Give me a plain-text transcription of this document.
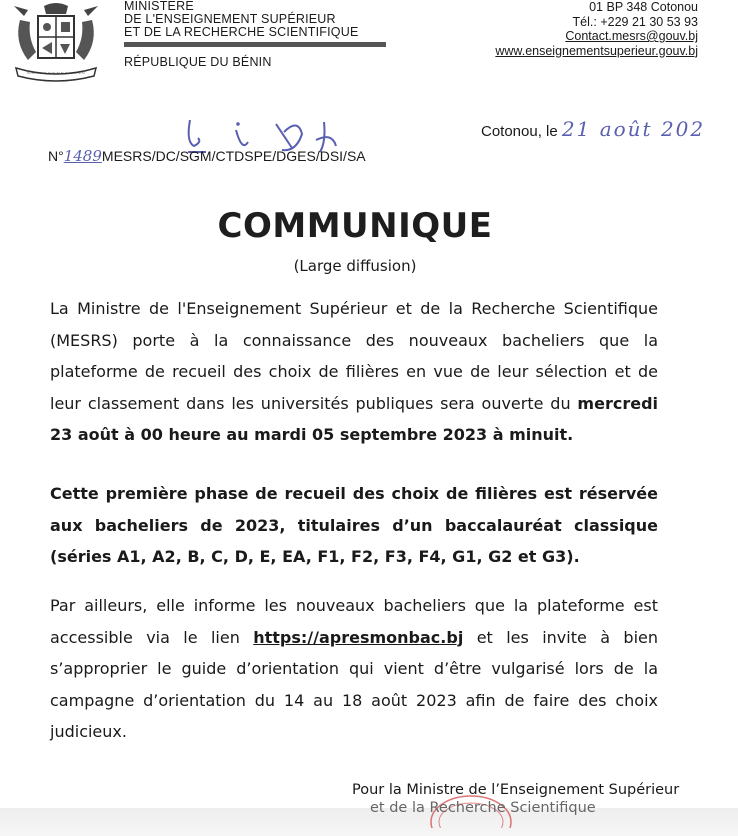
~~~~~~~~~~~~~~
MINISTERE
DE L'ENSEIGNEMENT SUPÉRIEUR
ET DE LA RECHERCHE SCIENTIFIQUE
RÉPUBLIQUE DU BÉNIN
01 BP 348 Cotonou
Tél.: +229 21 30 53 93
Contact.mesrs@gouv.bj
www.enseignementsuperieur.gouv.bj
Cotonou, le 21 août 202
N°1489MESRS/DC/SGM/CTDSPE/DGES/DSI/SA
COMMUNIQUE
(Large diffusion)
La Ministre de l'Enseignement Supérieur et de la Recherche Scientifique (MESRS) porte à la connaissance des nouveaux bacheliers que la plateforme de recueil des choix de filières en vue de leur sélection et de leur classement dans les universités publiques sera ouverte du mercredi 23 août à 00 heure au mardi 05 septembre 2023 à minuit.
Cette première phase de recueil des choix de filières est réservée aux bacheliers de 2023, titulaires d’un baccalauréat classique (séries A1, A2, B, C, D, E, EA, F1, F2, F3, F4, G1, G2 et G3).
Par ailleurs, elle informe les nouveaux bacheliers que la plateforme est accessible via le lien https://apresmonbac.bj et les invite à bien s’approprier le guide d’orientation qui vient d’être vulgarisé lors de la campagne d’orientation du 14 au 18 août 2023 afin de faire des choix judicieux.
Pour la Ministre de l’Enseignement Supérieur
et de la Recherche Scientifique
